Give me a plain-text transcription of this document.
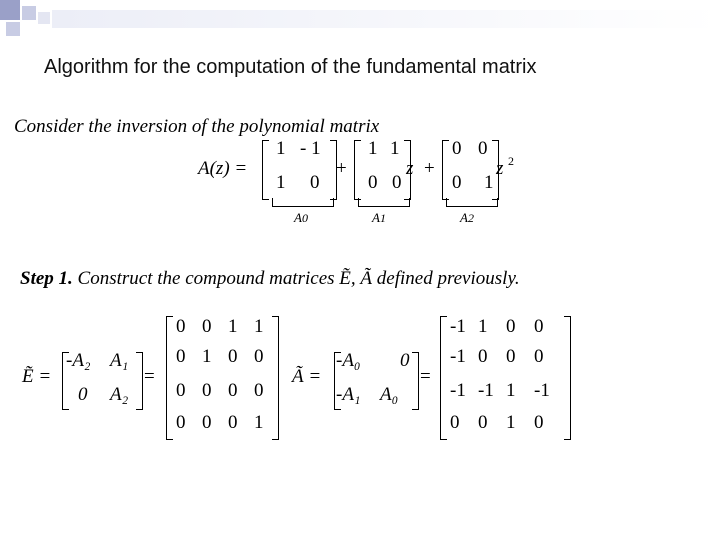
Algorithm for the computation of the fundamental matrix
Consider the inversion of the polynomial matrix
A(z) =
1 - 1
1 0
+
1 1
0 0
z +
0 0
0 1
z 2
A0	A1	A2
Step 1. Construct the compound matrices Ẽ, Ã defined previously.
Ẽ =
-A₂ A₁
0 A₂
=
0 0 1 1
0 1 0 0
0 0 0 0
0 0 0 1
Ã =
-A₀ 0
-A₁ A₀
=
-1 1 0 0
-1 0 0 0
-1 -1 1 -1
0 0 1 0
